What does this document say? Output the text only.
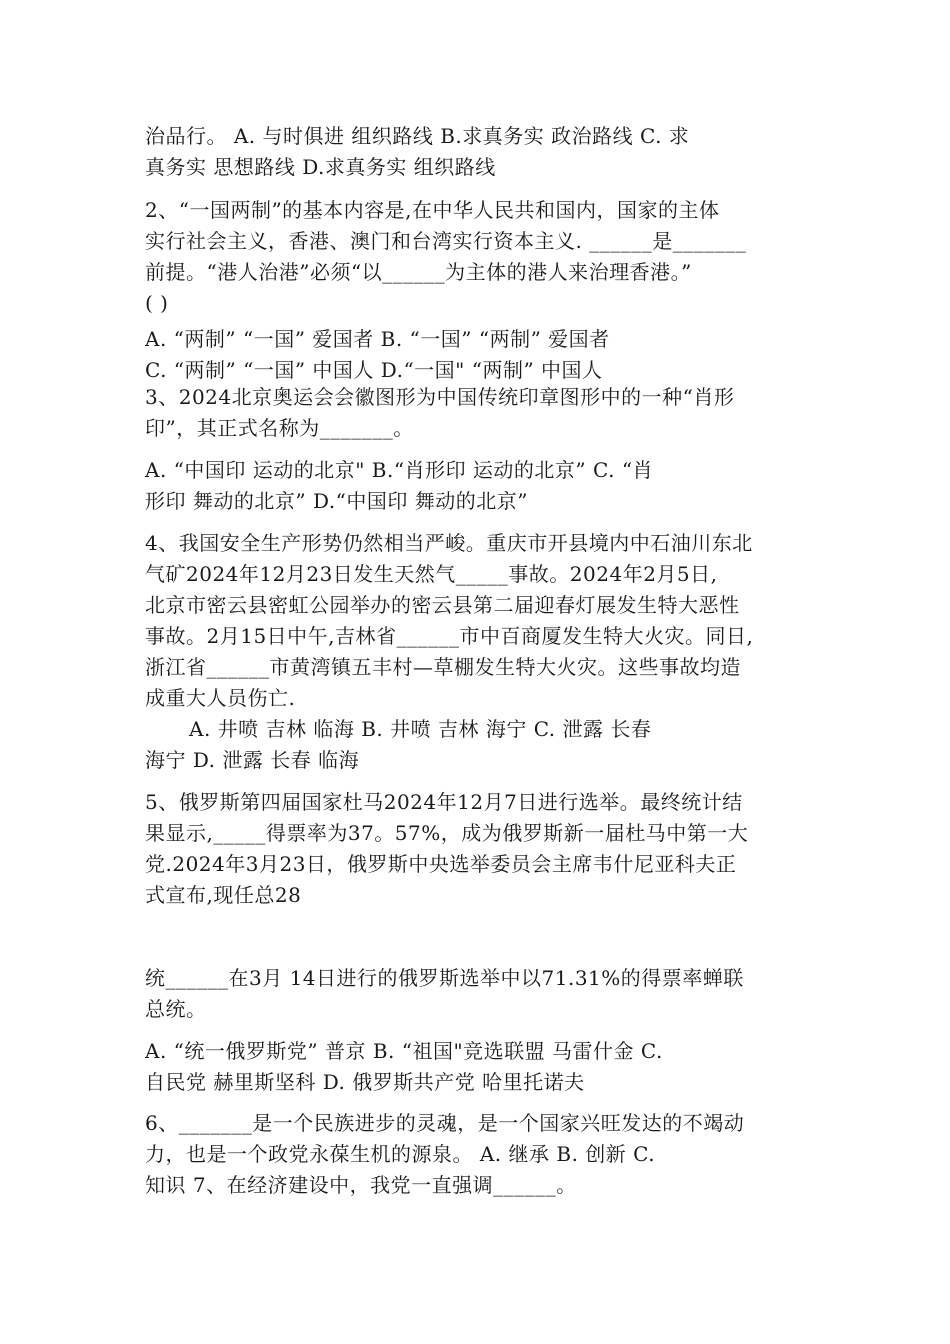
治品行。 A. 与时俱进 组织路线 B.求真务实 政治路线 C. 求
真务实 思想路线 D.求真务实 组织路线
2、“一国两制”的基本内容是,在中华人民共和国内，国家的主体
实行社会主义，香港、澳门和台湾实行资本主义. ______是_______
前提。“港人治港”必须“以______为主体的港人来治理香港。”
( )
A. “两制” “一国” 爱国者 B. “一国” “两制” 爱国者
C. “两制” “一国” 中国人 D.“一国" “两制” 中国人
3、2024北京奥运会会徽图形为中国传统印章图形中的一种“肖形
印”，其正式名称为_______。
A. “中国印 运动的北京" B.“肖形印 运动的北京” C. “肖
形印 舞动的北京” D.“中国印 舞动的北京”
4、我国安全生产形势仍然相当严峻。重庆市开县境内中石油川东北
气矿2024年12月23日发生天然气_____事故。2024年2月5日,
北京市密云县密虹公园举办的密云县第二届迎春灯展发生特大恶性
事故。2月15日中午,吉林省______市中百商厦发生特大火灾。同日,
浙江省______市黄湾镇五丰村—草棚发生特大火灾。这些事故均造
成重大人员伤亡.
A. 井喷 吉林 临海 B. 井喷 吉林 海宁 C. 泄露 长春
海宁 D. 泄露 长春 临海
5、俄罗斯第四届国家杜马2024年12月7日进行选举。最终统计结
果显示,_____得票率为37。57%，成为俄罗斯新一届杜马中第一大
党.2024年3月23日，俄罗斯中央选举委员会主席韦什尼亚科夫正
式宣布,现任总28
统______在3月 14日进行的俄罗斯选举中以71.31%的得票率蝉联
总统。
A. “统一俄罗斯党” 普京 B. “祖国"竞选联盟 马雷什金 C.
自民党 赫里斯坚科 D. 俄罗斯共产党 哈里托诺夫
6、_______是一个民族进步的灵魂，是一个国家兴旺发达的不竭动
力，也是一个政党永葆生机的源泉。 A. 继承 B. 创新 C.
知识 7、在经济建设中，我党一直强调______。
